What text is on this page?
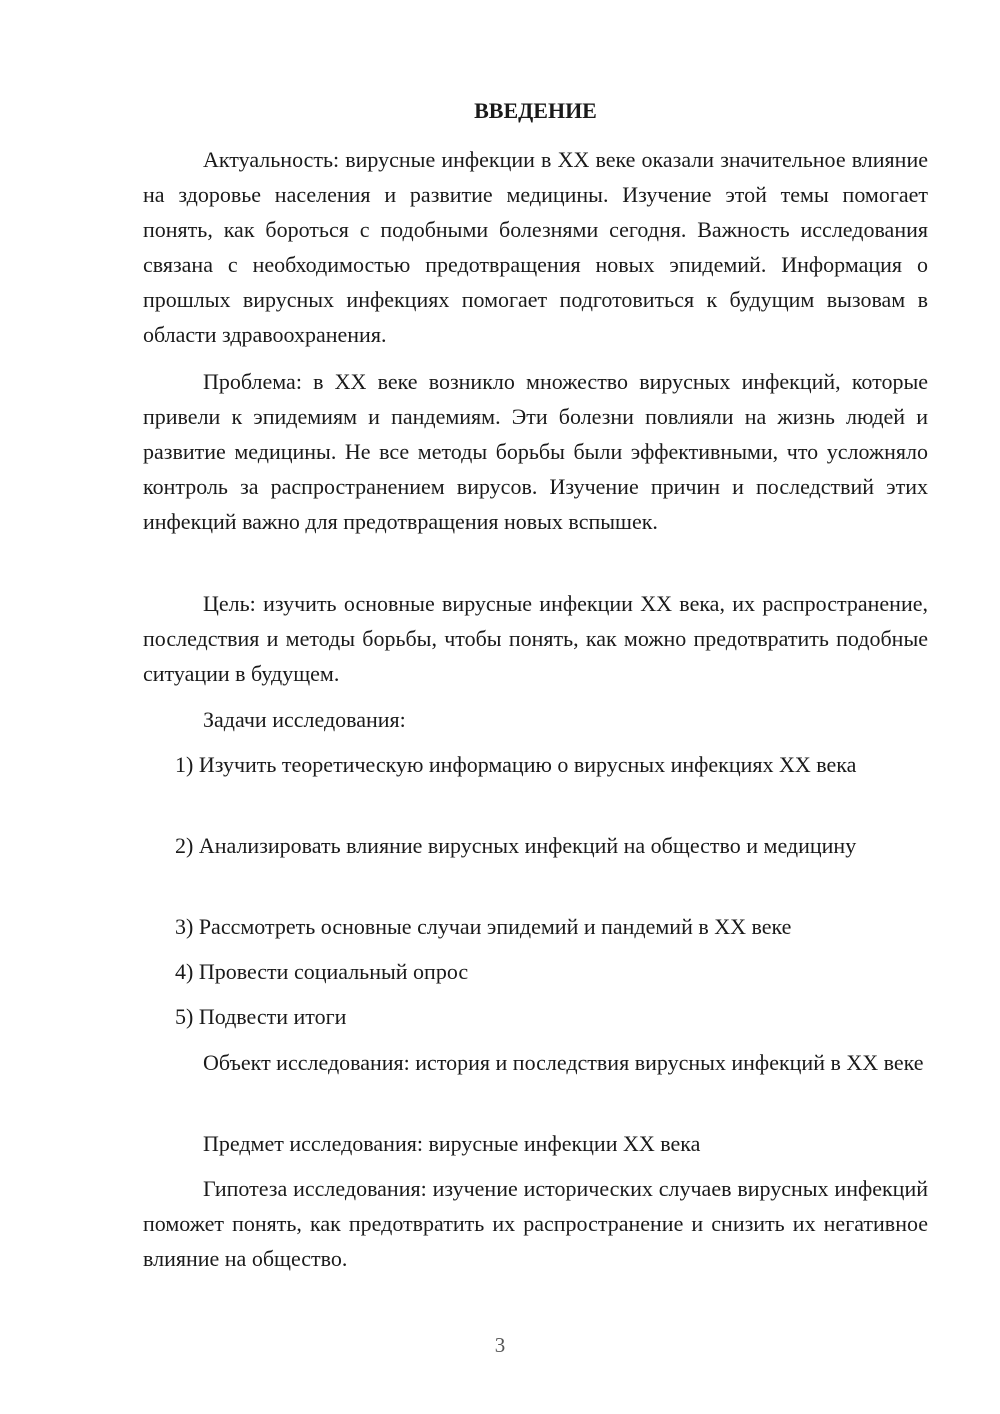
ВВЕДЕНИЕ

Актуальность: вирусные инфекции в XX веке оказали значительное влияние на здоровье населения и развитие медицины. Изучение этой темы помогает понять, как бороться с подобными болезнями сегодня. Важность исследования связана с необходимостью предотвращения новых эпидемий. Информация о прошлых вирусных инфекциях помогает подготовиться к будущим вызовам в области здравоохранения.

Проблема: в XX веке возникло множество вирусных инфекций, которые привели к эпидемиям и пандемиям. Эти болезни повлияли на жизнь людей и развитие медицины. Не все методы борьбы были эффективными, что усложняло контроль за распространением вирусов. Изучение причин и последствий этих инфекций важно для предотвращения новых вспышек.

Цель: изучить основные вирусные инфекции XX века, их распространение, последствия и методы борьбы, чтобы понять, как можно предотвратить подобные ситуации в будущем.

Задачи исследования:

1) Изучить теоретическую информацию о вирусных инфекциях XX века

2) Анализировать влияние вирусных инфекций на общество и медицину

3) Рассмотреть основные случаи эпидемий и пандемий в XX веке

4) Провести социальный опрос

5) Подвести итоги

Объект исследования: история и последствия вирусных инфекций в XX веке

Предмет исследования: вирусные инфекции XX века

Гипотеза исследования: изучение исторических случаев вирусных инфекций поможет понять, как предотвратить их распространение и снизить их негативное влияние на общество.

3
